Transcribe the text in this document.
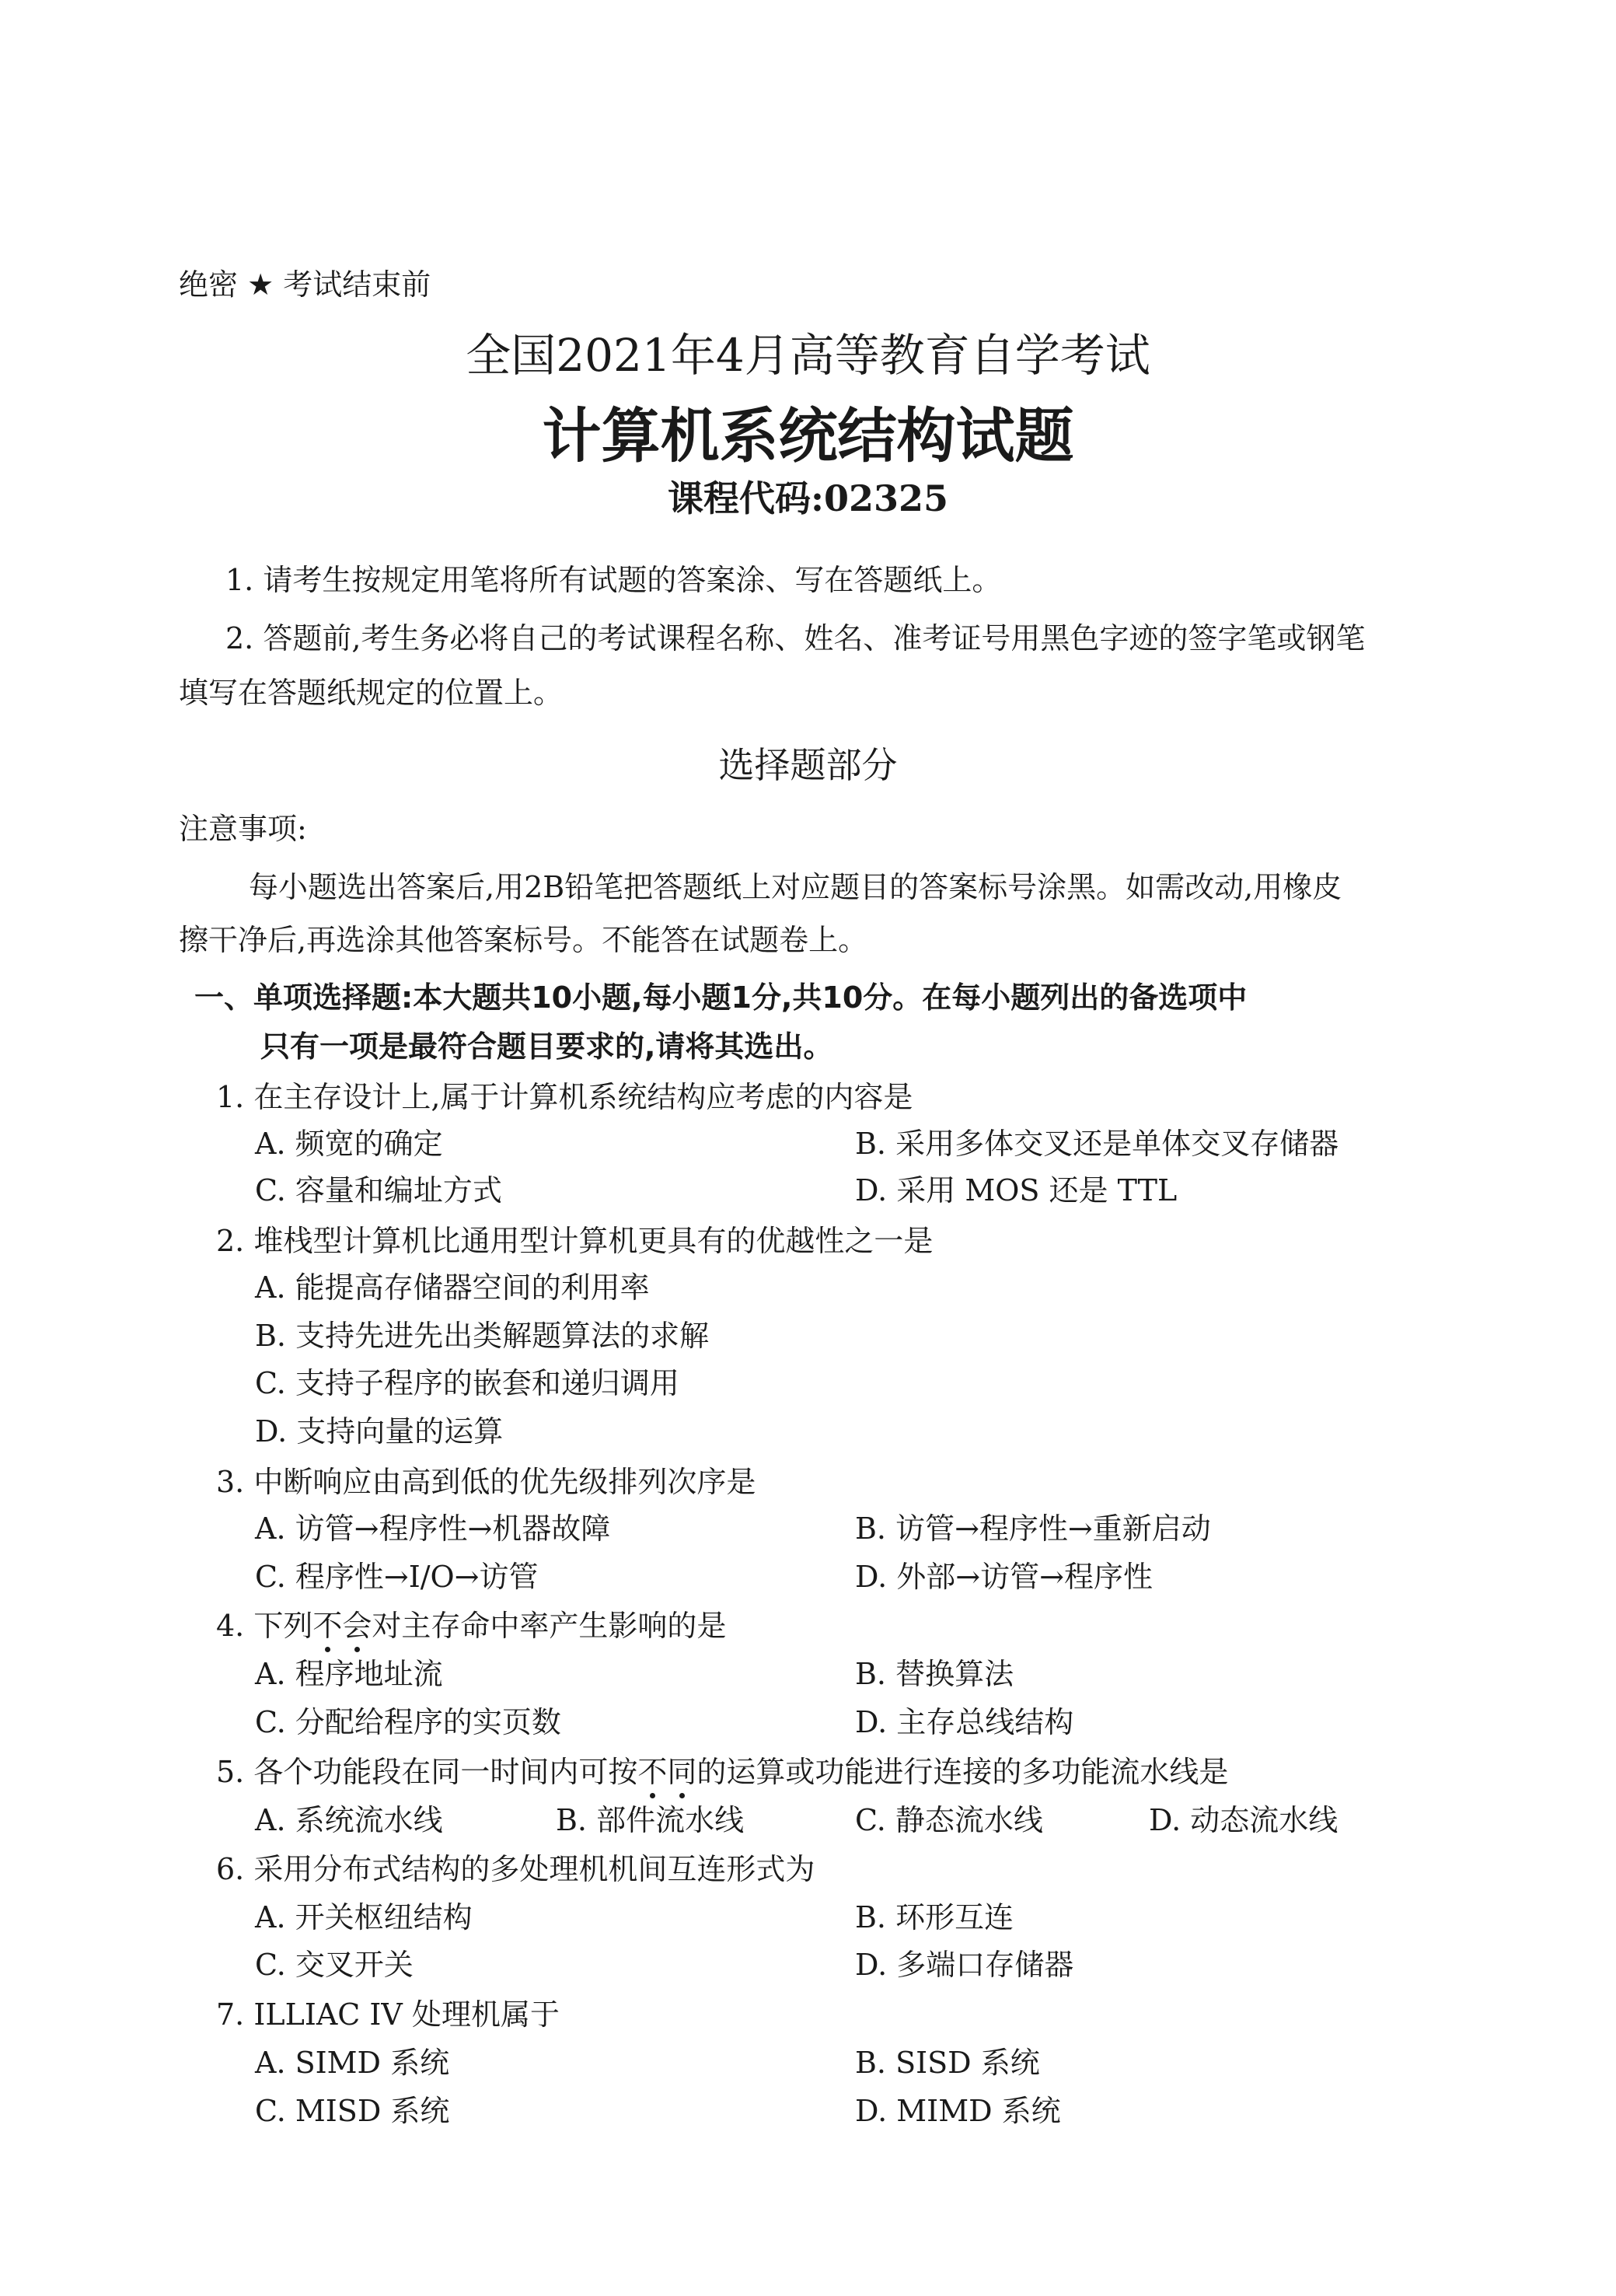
绝密 ★ 考试结束前
全国2021年4月高等教育自学考试
计算机系统结构试题
课程代码:02325
1. 请考生按规定用笔将所有试题的答案涂、写在答题纸上。
2. 答题前,考生务必将自己的考试课程名称、姓名、准考证号用黑色字迹的签字笔或钢笔
填写在答题纸规定的位置上。
选择题部分
注意事项:
每小题选出答案后,用2B铅笔把答题纸上对应题目的答案标号涂黑。如需改动,用橡皮
擦干净后,再选涂其他答案标号。不能答在试题卷上。
一、单项选择题:本大题共10小题,每小题1分,共10分。在每小题列出的备选项中
只有一项是最符合题目要求的,请将其选出。
1. 在主存设计上,属于计算机系统结构应考虑的内容是
A. 频宽的确定	B. 采用多体交叉还是单体交叉存储器
C. 容量和编址方式	D. 采用 MOS 还是 TTL
2. 堆栈型计算机比通用型计算机更具有的优越性之一是
A. 能提高存储器空间的利用率
B. 支持先进先出类解题算法的求解
C. 支持子程序的嵌套和递归调用
D. 支持向量的运算
3. 中断响应由高到低的优先级排列次序是
A. 访管→程序性→机器故障	B. 访管→程序性→重新启动
C. 程序性→I/O→访管	D. 外部→访管→程序性
4. 下列不会对主存命中率产生影响的是
A. 程序地址流	B. 替换算法
C. 分配给程序的实页数	D. 主存总线结构
5. 各个功能段在同一时间内可按不同的运算或功能进行连接的多功能流水线是
A. 系统流水线	B. 部件流水线	C. 静态流水线	D. 动态流水线
6. 采用分布式结构的多处理机机间互连形式为
A. 开关枢纽结构	B. 环形互连
C. 交叉开关	D. 多端口存储器
7. ILLIAC IV 处理机属于
A. SIMD 系统	B. SISD 系统
C. MISD 系统	D. MIMD 系统
